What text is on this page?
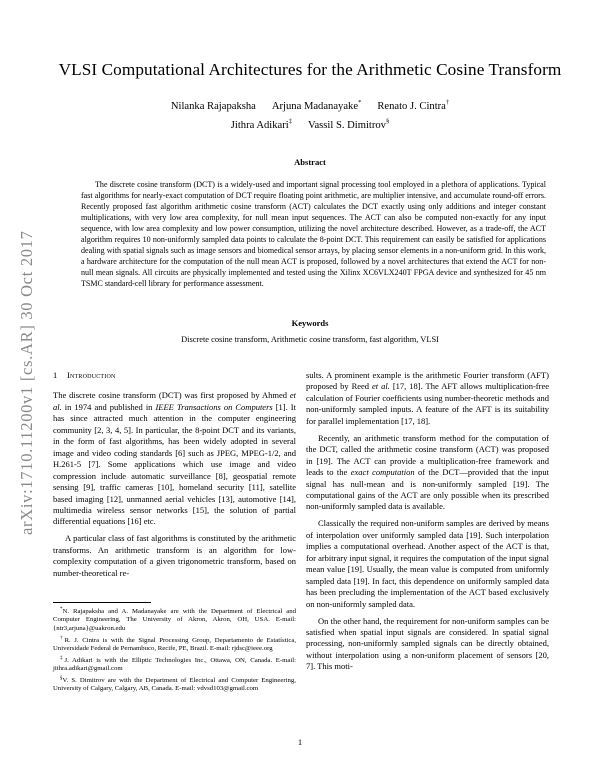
arXiv:1710.11200v1 [cs.AR] 30 Oct 2017
VLSI Computational Architectures for the Arithmetic Cosine Transform
Nilanka Rajapaksha Arjuna Madanayake* Renato J. Cintra†
Jithra Adikari‡ Vassil S. Dimitrov§
Abstract
The discrete cosine transform (DCT) is a widely-used and important signal processing tool employed in a plethora of applications. Typical fast algorithms for nearly-exact computation of DCT require floating point arithmetic, are multiplier intensive, and accumulate round-off errors. Recently proposed fast algorithm arithmetic cosine transform (ACT) calculates the DCT exactly using only additions and integer constant multiplications, with very low area complexity, for null mean input sequences. The ACT can also be computed non-exactly for any input sequence, with low area complexity and low power consumption, utilizing the novel architecture described. However, as a trade-off, the ACT algorithm requires 10 non-uniformly sampled data points to calculate the 8-point DCT. This requirement can easily be satisfied for applications dealing with spatial signals such as image sensors and biomedical sensor arrays, by placing sensor elements in a non-uniform grid. In this work, a hardware architecture for the computation of the null mean ACT is proposed, followed by a novel architectures that extend the ACT for non-null mean signals. All circuits are physically implemented and tested using the Xilinx XC6VLX240T FPGA device and synthesized for 45 nm TSMC standard-cell library for performance assessment.
Keywords
Discrete cosine transform, Arithmetic cosine transform, fast algorithm, VLSI
1 Introduction

The discrete cosine transform (DCT) was first proposed by Ahmed et al. in 1974 and published in IEEE Transactions on Computers [1]. It has since attracted much attention in the computer engineering community [2, 3, 4, 5]. In particular, the 8-point DCT and its variants, in the form of fast algorithms, has been widely adopted in several image and video coding standards [6] such as JPEG, MPEG-1/2, and H.261-5 [7]. Some applications which use image and video compression include automatic surveillance [8], geospatial remote sensing [9], traffic cameras [10], homeland security [11], satellite based imaging [12], unmanned aerial vehicles [13], automotive [14], multimedia wireless sensor networks [15], the solution of partial differential equations [16] etc.

A particular class of fast algorithms is constituted by the arithmetic transforms. An arithmetic transform is an algorithm for low-complexity computation of a given trigonometric transform, based on number-theoretical re-

sults. A prominent example is the arithmetic Fourier transform (AFT) proposed by Reed et al. [17, 18]. The AFT allows multiplication-free calculation of Fourier coefficients using number-theoretic methods and non-uniformly sampled inputs. A feature of the AFT is its suitability for parallel implementation [17, 18].

Recently, an arithmetic transform method for the computation of the DCT, called the arithmetic cosine transform (ACT) was proposed in [19]. The ACT can provide a multiplication-free framework and leads to the exact computation of the DCT—provided that the input signal has null-mean and is non-uniformly sampled [19]. The computational gains of the ACT are only possible when its prescribed non-uniformly sampled data is available.

Classically the required non-uniform samples are derived by means of interpolation over uniformly sampled data [19]. Such interpolation implies a computational overhead. Another aspect of the ACT is that, for arbitrary input signal, it requires the computation of the input signal mean value [19]. Usually, the mean value is computed from uniformly sampled data [19]. In fact, this dependence on uniformly sampled data has been precluding the implementation of the ACT based exclusively on non-uniformly sampled data.

On the other hand, the requirement for non-uniform samples can be satisfied when spatial input signals are considered. In spatial signal processing, non-uniformly sampled signals can be directly obtained, without interpolation using a non-uniform placement of sensors [20, 7]. This moti-

*N. Rajapaksha and A. Madanayake are with the Department of Electrical and Computer Engineering, The University of Akron, Akron, OH, USA. E-mail: {ntr3,arjuna}@uakron.edu

†R. J. Cintra is with the Signal Processing Group, Departamento de Estatística, Universidade Federal de Pernambuco, Recife, PE, Brazil. E-mail: rjdsc@ieee.org

‡J. Adikari is with the Elliptic Technologies Inc., Ottawa, ON, Canada. E-mail: jithra.adikari@gmail.com

§V. S. Dimitrov are with the Department of Electrical and Computer Engineering, University of Calgary, Calgary, AB, Canada. E-mail: vdvsd103@gmail.com

1
